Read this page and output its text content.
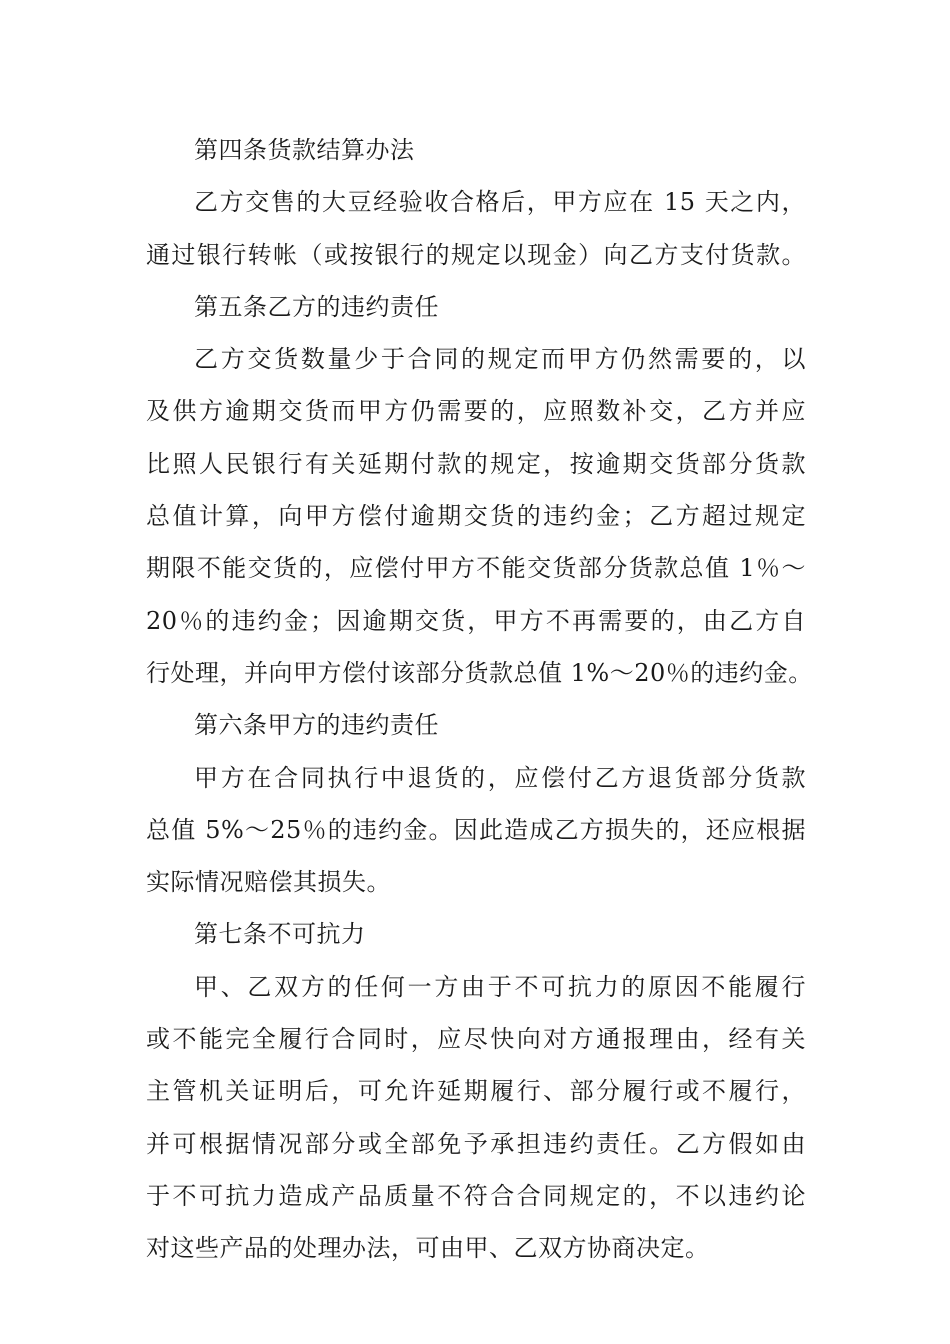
第四条货款结算办法
乙方交售的大豆经验收合格后，甲方应在 15 天之内，
通过银行转帐（或按银行的规定以现金）向乙方支付货款。
第五条乙方的违约责任
乙方交货数量少于合同的规定而甲方仍然需要的，以
及供方逾期交货而甲方仍需要的，应照数补交，乙方并应
比照人民银行有关延期付款的规定，按逾期交货部分货款
总值计算，向甲方偿付逾期交货的违约金；乙方超过规定
期限不能交货的，应偿付甲方不能交货部分货款总值 1％～
20％的违约金；因逾期交货，甲方不再需要的，由乙方自
行处理，并向甲方偿付该部分货款总值 1%～20％的违约金。
第六条甲方的违约责任
甲方在合同执行中退货的，应偿付乙方退货部分货款
总值 5%～25％的违约金。因此造成乙方损失的，还应根据
实际情况赔偿其损失。
第七条不可抗力
甲、乙双方的任何一方由于不可抗力的原因不能履行
或不能完全履行合同时，应尽快向对方通报理由，经有关
主管机关证明后，可允许延期履行、部分履行或不履行，
并可根据情况部分或全部免予承担违约责任。乙方假如由
于不可抗力造成产品质量不符合合同规定的，不以违约论
对这些产品的处理办法，可由甲、乙双方协商决定。
